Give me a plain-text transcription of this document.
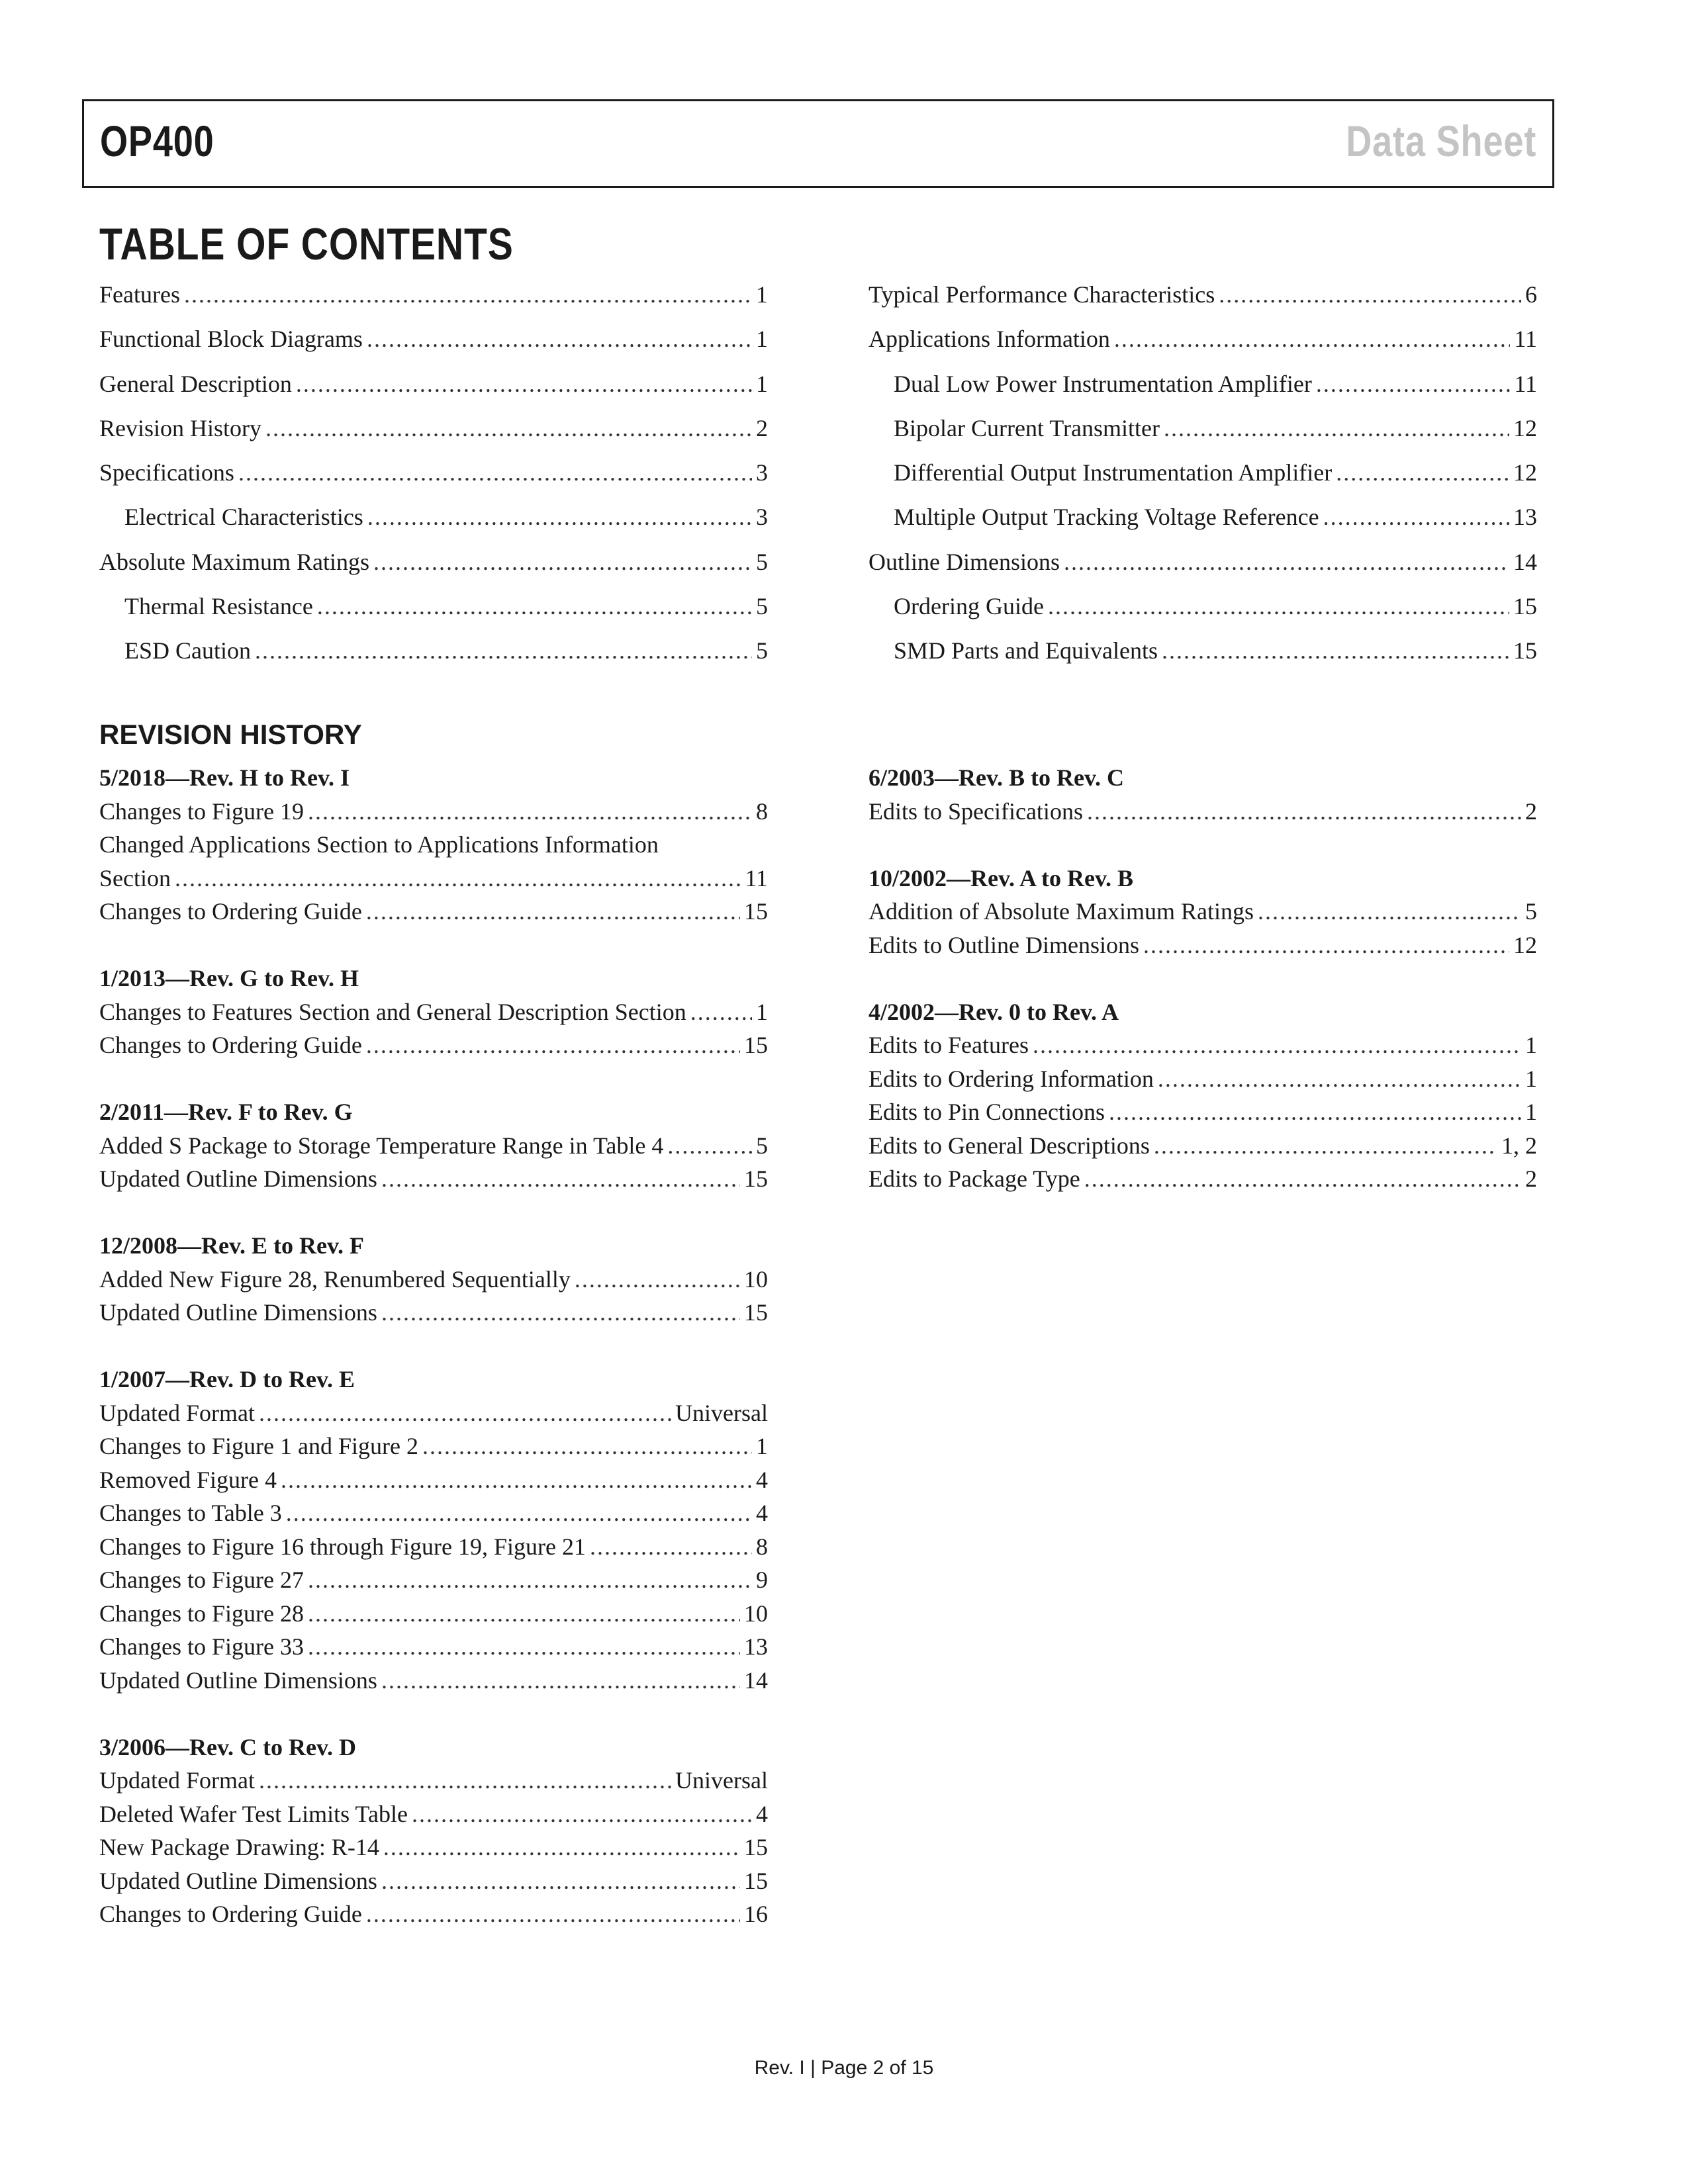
OP400	Data Sheet
TABLE OF CONTENTS
Features .....	1
Functional Block Diagrams .....	1
General Description .....	1
Revision History .....	2
Specifications .....	3
Electrical Characteristics .....	3
Absolute Maximum Ratings .....	5
Thermal Resistance .....	5
ESD Caution .....	5
Typical Performance Characteristics .....	6
Applications Information .....	11
Dual Low Power Instrumentation Amplifier .....	11
Bipolar Current Transmitter .....	12
Differential Output Instrumentation Amplifier .....	12
Multiple Output Tracking Voltage Reference .....	13
Outline Dimensions .....	14
Ordering Guide .....	15
SMD Parts and Equivalents .....	15
REVISION HISTORY
5/2018—Rev. H to Rev. I
Changes to Figure 19 .....	8
Changed Applications Section to Applications Information
Section .....	11
Changes to Ordering Guide .....	15
1/2013—Rev. G to Rev. H
Changes to Features Section and General Description Section .....	1
Changes to Ordering Guide .....	15
2/2011—Rev. F to Rev. G
Added S Package to Storage Temperature Range in Table 4 .....	5
Updated Outline Dimensions .....	15
12/2008—Rev. E to Rev. F
Added New Figure 28, Renumbered Sequentially .....	10
Updated Outline Dimensions .....	15
1/2007—Rev. D to Rev. E
Updated Format .....	Universal
Changes to Figure 1 and Figure 2 .....	1
Removed Figure 4 .....	4
Changes to Table 3 .....	4
Changes to Figure 16 through Figure 19, Figure 21 .....	8
Changes to Figure 27 .....	9
Changes to Figure 28 .....	10
Changes to Figure 33 .....	13
Updated Outline Dimensions .....	14
3/2006—Rev. C to Rev. D
Updated Format .....	Universal
Deleted Wafer Test Limits Table .....	4
New Package Drawing: R-14 .....	15
Updated Outline Dimensions .....	15
Changes to Ordering Guide .....	16
6/2003—Rev. B to Rev. C
Edits to Specifications .....	2
10/2002—Rev. A to Rev. B
Addition of Absolute Maximum Ratings .....	5
Edits to Outline Dimensions .....	12
4/2002—Rev. 0 to Rev. A
Edits to Features .....	1
Edits to Ordering Information .....	1
Edits to Pin Connections .....	1
Edits to General Descriptions .....	1, 2
Edits to Package Type .....	2
Rev. I | Page 2 of 15
